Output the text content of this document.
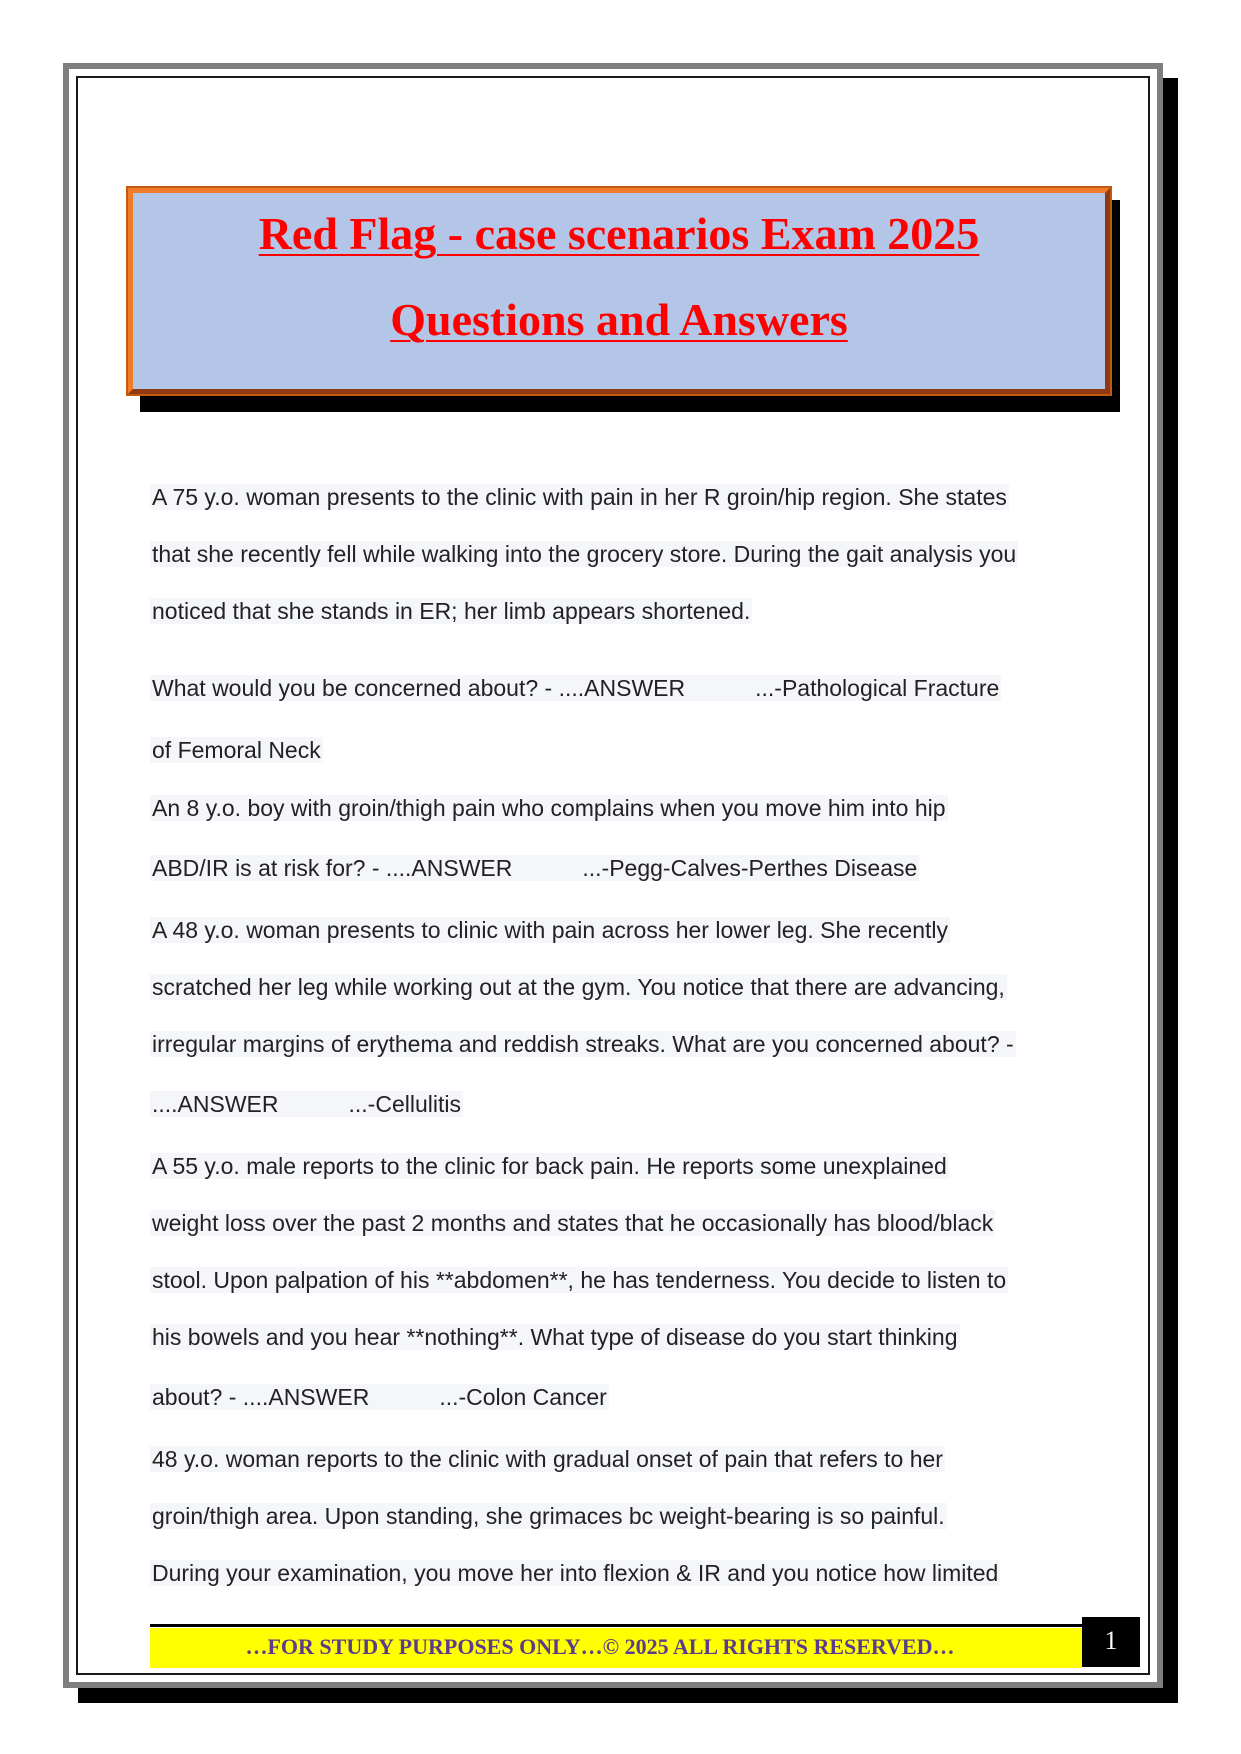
Red Flag - case scenarios Exam 2025
Questions and Answers
A 75 y.o. woman presents to the clinic with pain in her R groin/hip region. She states
that she recently fell while walking into the grocery store. During the gait analysis you
noticed that she stands in ER; her limb appears shortened.
What would you be concerned about? - ....ANSWER	...-Pathological Fracture
of Femoral Neck
An 8 y.o. boy with groin/thigh pain who complains when you move him into hip
ABD/IR is at risk for? - ....ANSWER	...-Pegg-Calves-Perthes Disease
A 48 y.o. woman presents to clinic with pain across her lower leg. She recently
scratched her leg while working out at the gym. You notice that there are advancing,
irregular margins of erythema and reddish streaks. What are you concerned about? -
....ANSWER	...-Cellulitis
A 55 y.o. male reports to the clinic for back pain. He reports some unexplained
weight loss over the past 2 months and states that he occasionally has blood/black
stool. Upon palpation of his **abdomen**, he has tenderness. You decide to listen to
his bowels and you hear **nothing**. What type of disease do you start thinking
about? - ....ANSWER	...-Colon Cancer
48 y.o. woman reports to the clinic with gradual onset of pain that refers to her
groin/thigh area. Upon standing, she grimaces bc weight-bearing is so painful.
During your examination, you move her into flexion & IR and you notice how limited
…FOR STUDY PURPOSES ONLY…© 2025 ALL RIGHTS RESERVED…	1
